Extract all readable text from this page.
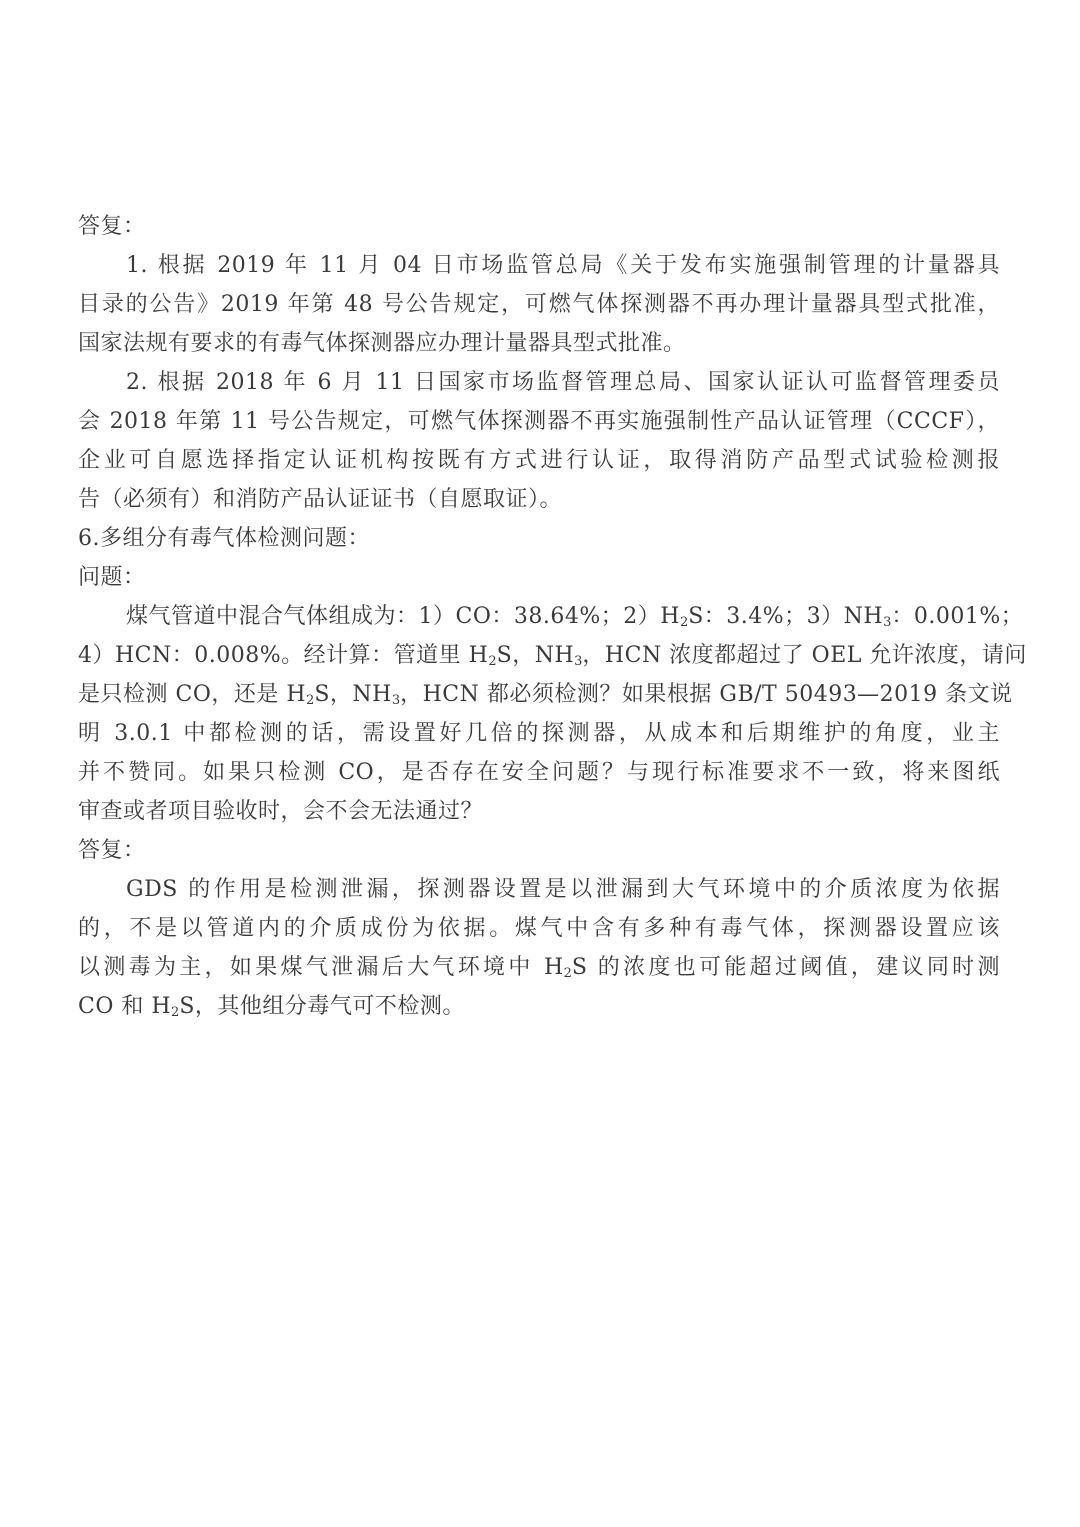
答复：
1. 根据 2019 年 11 月 04 日市场监管总局《关于发布实施强制管理的计量器具
目录的公告》2019 年第 48 号公告规定，可燃气体探测器不再办理计量器具型式批准，
国家法规有要求的有毒气体探测器应办理计量器具型式批准。
2. 根据 2018 年 6 月 11 日国家市场监督管理总局、国家认证认可监督管理委员
会 2018 年第 11 号公告规定，可燃气体探测器不再实施强制性产品认证管理（CCCF），
企业可自愿选择指定认证机构按既有方式进行认证，取得消防产品型式试验检测报
告（必须有）和消防产品认证证书（自愿取证）。
6.多组分有毒气体检测问题：
问题：
煤气管道中混合气体组成为：1）CO：38.64%；$2)H_2S$：3.4%；$3)NH_3$：0.001%；
4）HCN：0.008%。经计算：管道里 $H_2S$，$NH_3$，HCN 浓度都超过了 OEL 允许浓度，请问
是只检测 CO，还是 $H_2S$，$NH_3$，HCN 都必须检测？如果根据 GB/T 50493—2019 条文说
明 3.0.1 中都检测的话，需设置好几倍的探测器，从成本和后期维护的角度，业主
并不赞同。如果只检测 CO，是否存在安全问题？与现行标准要求不一致，将来图纸
审查或者项目验收时，会不会无法通过？
答复：
GDS 的作用是检测泄漏，探测器设置是以泄漏到大气环境中的介质浓度为依据
的，不是以管道内的介质成份为依据。煤气中含有多种有毒气体，探测器设置应该
以测毒为主，如果煤气泄漏后大气环境中 $H_2S$ 的浓度也可能超过阈值，建议同时测
CO 和 $H_2S$，其他组分毒气可不检测。
